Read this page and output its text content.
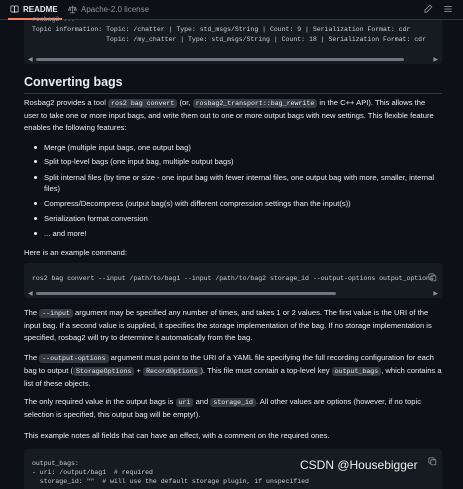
README	Apache-2.0 license
rosbag2 ...
Topic information: Topic: /chatter | Type: std_msgs/String | Count: 9 | Serialization Format: cdr
Topic: /my_chatter | Type: std_msgs/String | Count: 18 | Serialization Format: cdr
◀	▶
Converting bags
Rosbag2 provides a tool ros2 bag convert (or, rosbag2_transport::bag_rewrite in the C++ API). This allows the user to take one or more input bags, and write them out to one or more output bags with new settings. This flexible feature enables the following features:
Merge (multiple input bags, one output bag)
Split top-level bags (one input bag, multiple output bags)
Split internal files (by time or size - one input bag with fewer internal files, one output bag with more, smaller, internal files)
Compress/Decompress (output bag(s) with different compression settings than the input(s))
Serialization format conversion
... and more!
Here is an example command:
ros2 bag convert --input /path/to/bag1 --input /path/to/bag2 storage_id --output-options output_options
◀	▶
The --input argument may be specified any number of times, and takes 1 or 2 values. The first value is the URI of the input bag. If a second value is supplied, it specifies the storage implementation of the bag. If no storage implementation is specified, rosbag2 will try to determine it automatically from the bag.
The --output-options argument must point to the URI of a YAML file specifying the full recording configuration for each bag to output ( StorageOptions + RecordOptions ). This file must contain a top-level key output_bags , which contains a list of these objects.
The only required value in the output bags is uri and storage_id . All other values are options (however, if no topic selection is specified, this output bag will be empty!).
This example notes all fields that can have an effect, with a comment on the required ones.
output_bags:
- uri: /output/bag1  # required
storage_id: ""  # will use the default storage plugin, if unspecified
CSDN @Housebigger
